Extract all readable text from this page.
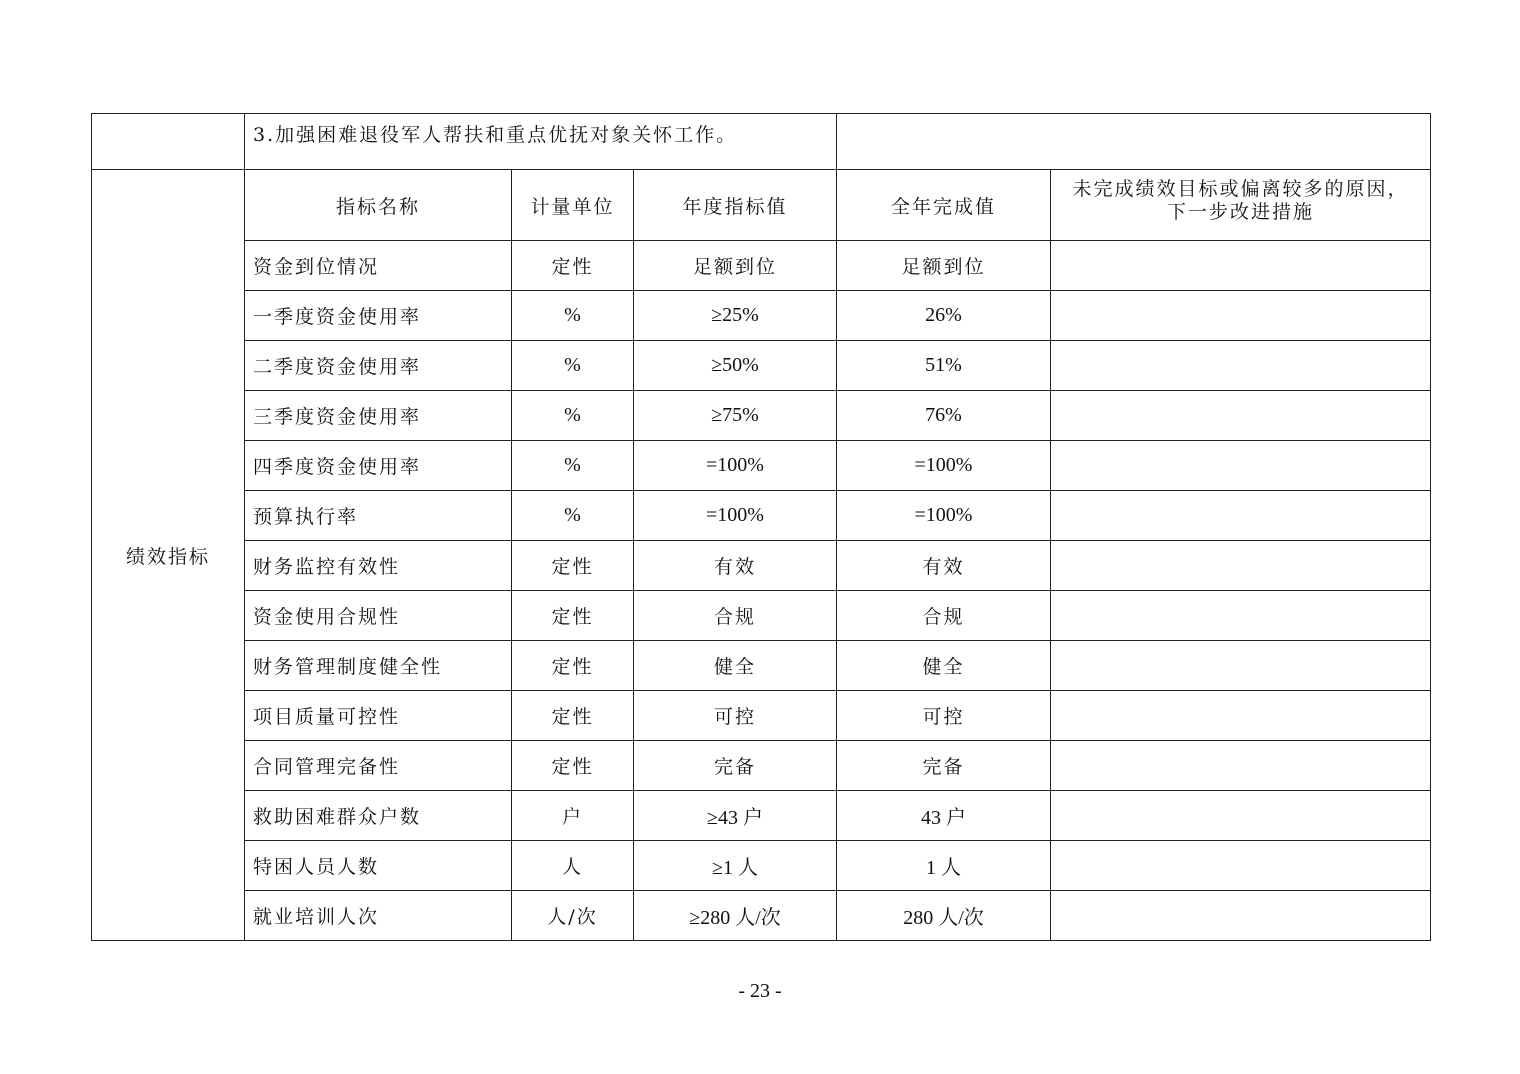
	3.加强困难退役军人帮扶和重点优抚对象关怀工作。				
绩效指标	指标名称	计量单位	年度指标值	全年完成值	未完成绩效目标或偏离较多的原因，
下一步改进措施

	资金到位情况	定性	足额到位	足额到位	
	一季度资金使用率	%	≥25%	26%	
	二季度资金使用率	%	≥50%	51%	
	三季度资金使用率	%	≥75%	76%	
	四季度资金使用率	%	=100%	=100%	
	预算执行率	%	=100%	=100%	
	财务监控有效性	定性	有效	有效	
	资金使用合规性	定性	合规	合规	
	财务管理制度健全性	定性	健全	健全	
	项目质量可控性	定性	可控	可控	
	合同管理完备性	定性	完备	完备	
	救助困难群众户数	户	≥43 户	43 户	
	特困人员人数	人	≥1 人	1 人	
	就业培训人次	人/次	≥280 人/次	280 人/次	
- 23 -
